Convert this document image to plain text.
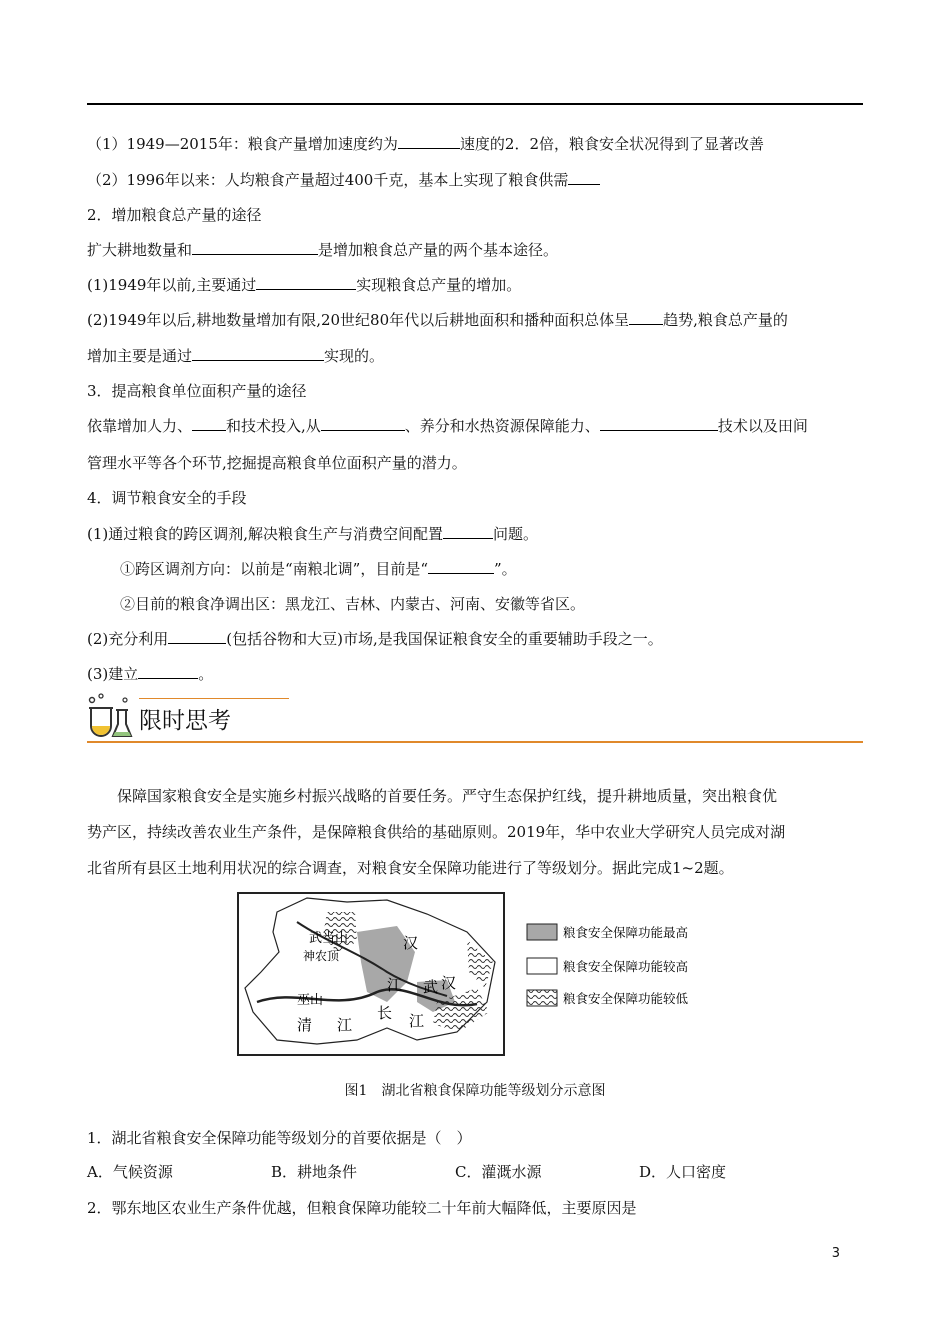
（1）1949—2015年：粮食产量增加速度约为	速度的2．2倍，粮食安全状况得到了显著改善
（2）1996年以来：人均粮食产量超过400千克，基本上实现了粮食供需
2．增加粮食总产量的途径
扩大耕地数量和	是增加粮食总产量的两个基本途径。
(1)1949年以前,主要通过	实现粮食总产量的增加。
(2)1949年以后,耕地数量增加有限,20世纪80年代以后耕地面积和播种面积总体呈 趋势,粮食总产量的
增加主要是通过	实现的。
3．提高粮食单位面积产量的途径
依靠增加人力、 和技术投入,从	、养分和水热资源保障能力、	技术以及田间
管理水平等各个环节,挖掘提高粮食单位面积产量的潜力。
4．调节粮食安全的手段
(1)通过粮食的跨区调剂,解决粮食生产与消费空间配置	问题。
①跨区调剂方向：以前是“南粮北调”，目前是“	”。
②目前的粮食净调出区：黑龙江、吉林、内蒙古、河南、安徽等省区。
(2)充分利用	(包括谷物和大豆)市场,是我国保证粮食安全的重要辅助手段之一。
(3)建立	。
限时思考
保障国家粮食安全是实施乡村振兴战略的首要任务。严守生态保护红线，提升耕地质量，突出粮食优
势产区，持续改善农业生产条件，是保障粮食供给的基础原则。2019年，华中农业大学研究人员完成对湖
北省所有县区土地利用状况的综合调查，对粮食安全保障功能进行了等级划分。据此完成1~2题。
武当山
神农顶
汉
江 武 汉
巫山
清 江
长 江
粮食安全保障功能最高
粮食安全保障功能较高
粮食安全保障功能较低
图1　湖北省粮食保障功能等级划分示意图
1．湖北省粮食安全保障功能等级划分的首要依据是（　）
A．气候资源	B．耕地条件	C．灌溉水源	D．人口密度
2．鄂东地区农业生产条件优越，但粮食保障功能较二十年前大幅降低，主要原因是
3
